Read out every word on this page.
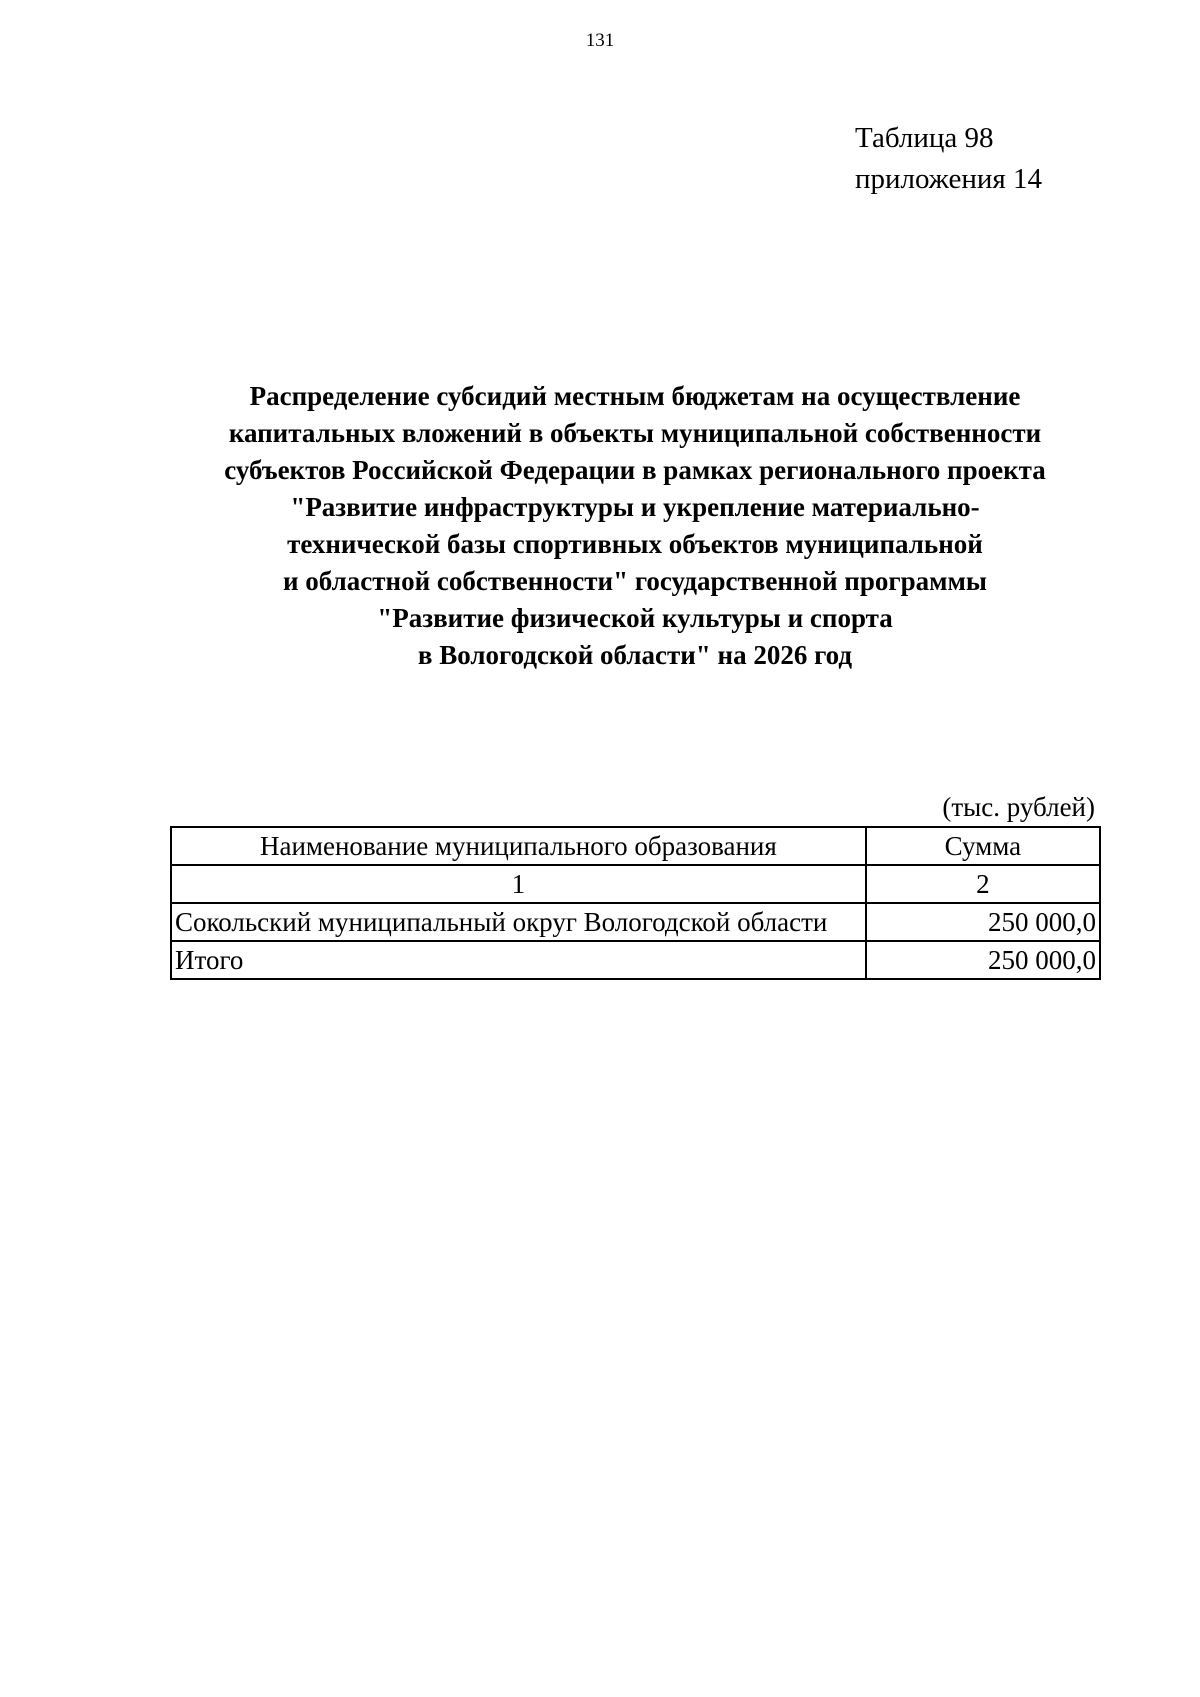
131
Таблица 98
приложения 14
Распределение субсидий местным бюджетам на осуществление
капитальных вложений в объекты муниципальной собственности
субъектов Российской Федерации в рамках регионального проекта
"Развитие инфраструктуры и укрепление материально-
технической базы спортивных объектов муниципальной
и областной собственности" государственной программы
"Развитие физической культуры и спорта
в Вологодской области" на 2026 год
(тыс. рублей)
Наименование муниципального образования	Сумма
1	2
Сокольский муниципальный округ Вологодской области	250 000,0
Итого	250 000,0
